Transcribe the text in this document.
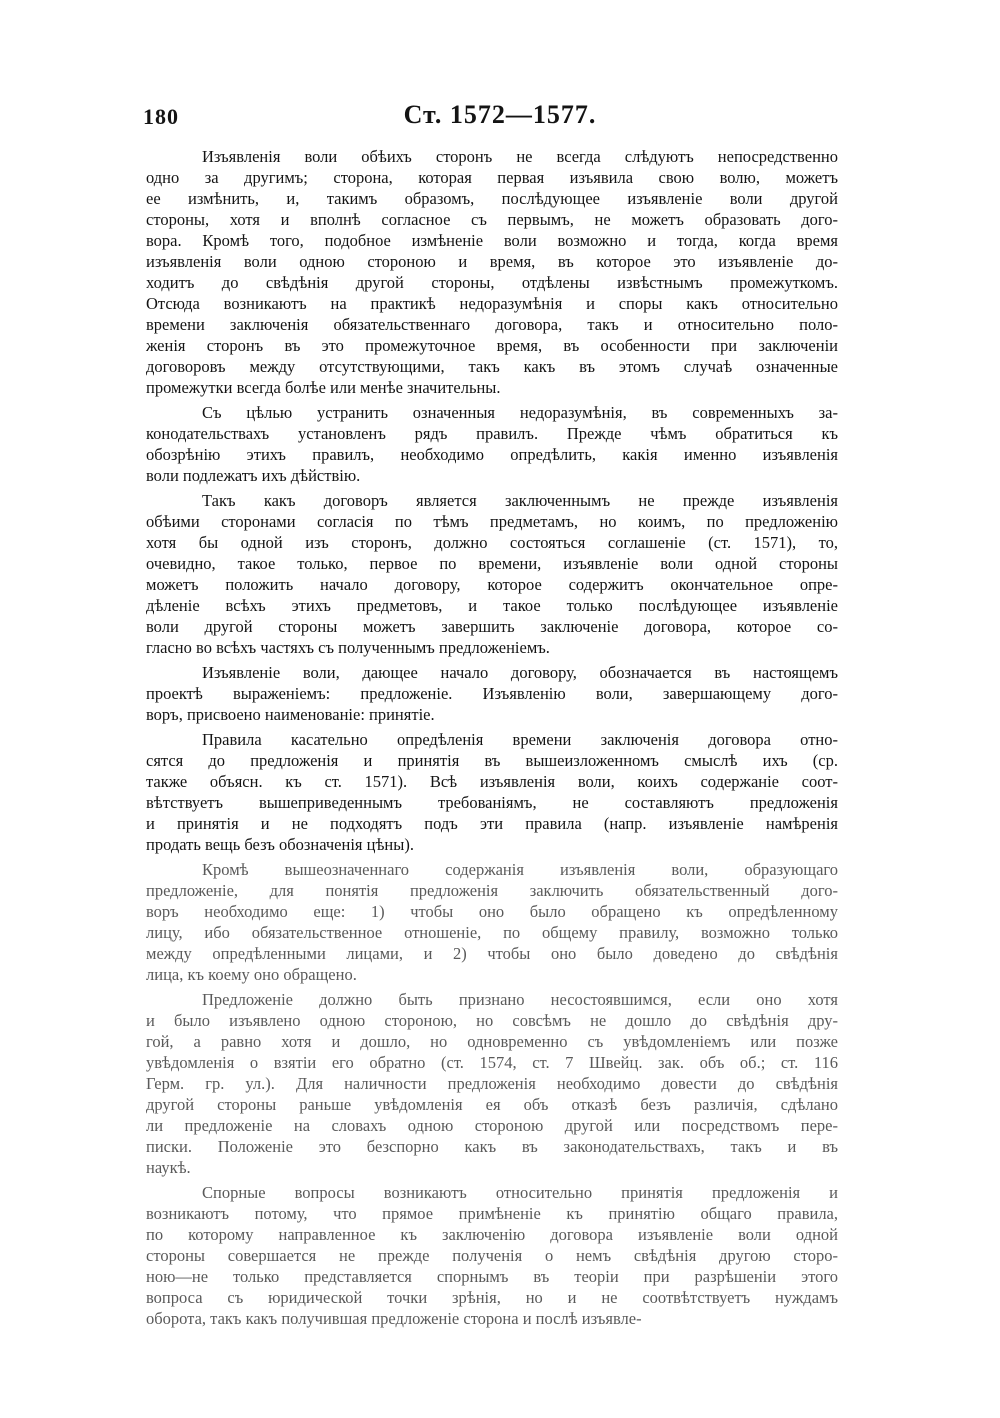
180	Ст. 1572—1577.
Изъявленія воли обѣихъ сторонъ не всегда слѣдуютъ непосредственно
одно за другимъ; сторона, которая первая изъявила свою волю, можетъ
ее измѣнить, и, такимъ образомъ, послѣдующее изъявленіе воли другой
стороны, хотя и вполнѣ согласное съ первымъ, не можетъ образовать дого-
вора. Кромѣ того, подобное измѣненіе воли возможно и тогда, когда время
изъявленія воли одною стороною и время, въ которое это изъявленіе до-
ходитъ до свѣдѣнія другой стороны, отдѣлены извѣстнымъ промежуткомъ.
Отсюда возникаютъ на практикѣ недоразумѣнія и споры какъ относительно
времени заключенія обязательственнаго договора, такъ и относительно поло-
женія сторонъ въ это промежуточное время, въ особенности при заключеніи
договоровъ между отсутствующими, такъ какъ въ этомъ случаѣ означенные
промежутки всегда болѣе или менѣе значительны.
Съ цѣлью устранить означенныя недоразумѣнія, въ современныхъ за-
конодательствахъ установленъ рядъ правилъ. Прежде чѣмъ обратиться къ
обозрѣнію этихъ правилъ, необходимо опредѣлить, какія именно изъявленія
воли подлежатъ ихъ дѣйствію.
Такъ какъ договоръ является заключеннымъ не прежде изъявленія
обѣими сторонами согласія по тѣмъ предметамъ, но коимъ, по предложенію
хотя бы одной изъ сторонъ, должно состояться соглашеніе (ст. 1571), то,
очевидно, такое только, первое по времени, изъявленіе воли одной стороны
можетъ положить начало договору, которое содержитъ окончательное опре-
дѣленіе всѣхъ этихъ предметовъ, и такое только послѣдующее изъявленіе
воли другой стороны можетъ завершить заключеніе договора, которое со-
гласно во всѣхъ частяхъ съ полученнымъ предложеніемъ.
Изъявленіе воли, дающее начало договору, обозначается въ настоящемъ
проектѣ выраженіемъ: предложеніе. Изъявленію воли, завершающему дого-
воръ, присвоено наименованіе: принятіе.
Правила касательно опредѣленія времени заключенія договора отно-
сятся до предложенія и принятія въ вышеизложенномъ смыслѣ ихъ (ср.
также объясн. къ ст. 1571). Всѣ изъявленія воли, коихъ содержаніе соот-
вѣтствуетъ вышеприведеннымъ требованіямъ, не составляютъ предложенія
и принятія и не подходятъ подъ эти правила (напр. изъявленіе намѣренія
продать вещь безъ обозначенія цѣны).
Кромѣ вышеозначеннаго содержанія изъявленія воли, образующаго
предложеніе, для понятія предложенія заключить обязательственный дого-
воръ необходимо еще: 1) чтобы оно было обращено къ опредѣленному
лицу, ибо обязательственное отношеніе, по общему правилу, возможно только
между опредѣленными лицами, и 2) чтобы оно было доведено до свѣдѣнія
лица, къ коему оно обращено.
Предложеніе должно быть признано несостоявшимся, если оно хотя
и было изъявлено одною стороною, но совсѣмъ не дошло до свѣдѣнія дру-
гой, а равно хотя и дошло, но одновременно съ увѣдомленіемъ или позже
увѣдомленія о взятіи его обратно (ст. 1574, ст. 7 Швейц. зак. объ об.; ст. 116
Герм. гр. ул.). Для наличности предложенія необходимо довести до свѣдѣнія
другой стороны раньше увѣдомленія ея объ отказѣ безъ различія, сдѣлано
ли предложеніе на словахъ одною стороною другой или посредствомъ пере-
писки. Положеніе это безспорно какъ въ законодательствахъ, такъ и въ
наукѣ.
Спорные вопросы возникаютъ относительно принятія предложенія и
возникаютъ потому, что прямое примѣненіе къ принятію общаго правила,
по которому направленное къ заключенію договора изъявленіе воли одной
стороны совершается не прежде полученія о немъ свѣдѣнія другою сторо-
ною—не только представляется спорнымъ въ теоріи при разрѣшеніи этого
вопроса съ юридической точки зрѣнія, но и не соотвѣтствуетъ нуждамъ
оборота, такъ какъ получившая предложеніе сторона и послѣ изъявле-
